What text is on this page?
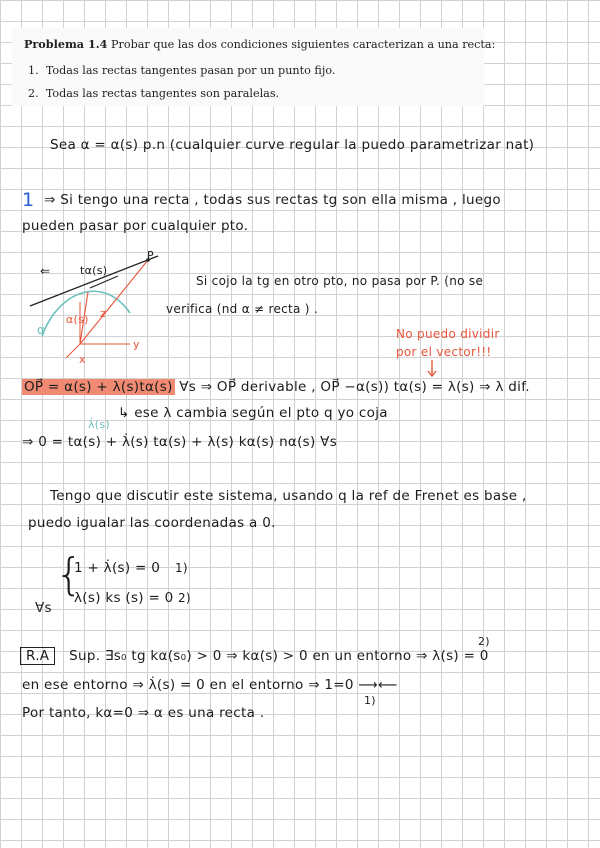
Problema 1.4 Probar que las dos condiciones siguientes caracterizan a una recta:
1. Todas las rectas tangentes pasan por un punto fijo.
2. Todas las rectas tangentes son paralelas.
Sea α = α(s) p.n (cualquier curve regular la puedo parametrizar nat)
1 ⇒ Si tengo una recta , todas sus rectas tg son ella misma , luego
pueden pasar por cualquier pto.
⇐	tα(s)
P
α
α(s) z
y
x
Si cojo la tg en otro pto, no pasa por P. (no se
verifica (nd α ≠ recta ) .
No puedo dividir
por el vector!!!
OP⃗ = α(s) + λ(s)tα(s) ∀s ⇒ OP⃗ derivable , OP⃗ −α(s)) tα(s) = λ(s) ⇒ λ dif.
λ̇(s)
↳ ese λ cambia según el pto q yo coja
⇒ 0 = tα(s) + λ̇(s) tα(s) + λ(s) kα(s) nα(s) ∀s
Tengo que discutir este sistema, usando q la ref de Frenet es base ,
puedo igualar las coordenadas a 0.
{
1 + λ̇(s) = 0 1)
λ(s) ks (s) = 0 2)
∀s
R.A Sup. ∃s₀ tg kα(s₀) > 0 ⇒ kα(s) > 0 en un entorno ⇒ λ(s) = 0
2)
en ese entorno ⇒ λ̇(s) = 0 en el entorno ⇒ 1=0 ⟶⟵
1)
Por tanto, kα=0 ⇒ α es una recta .
